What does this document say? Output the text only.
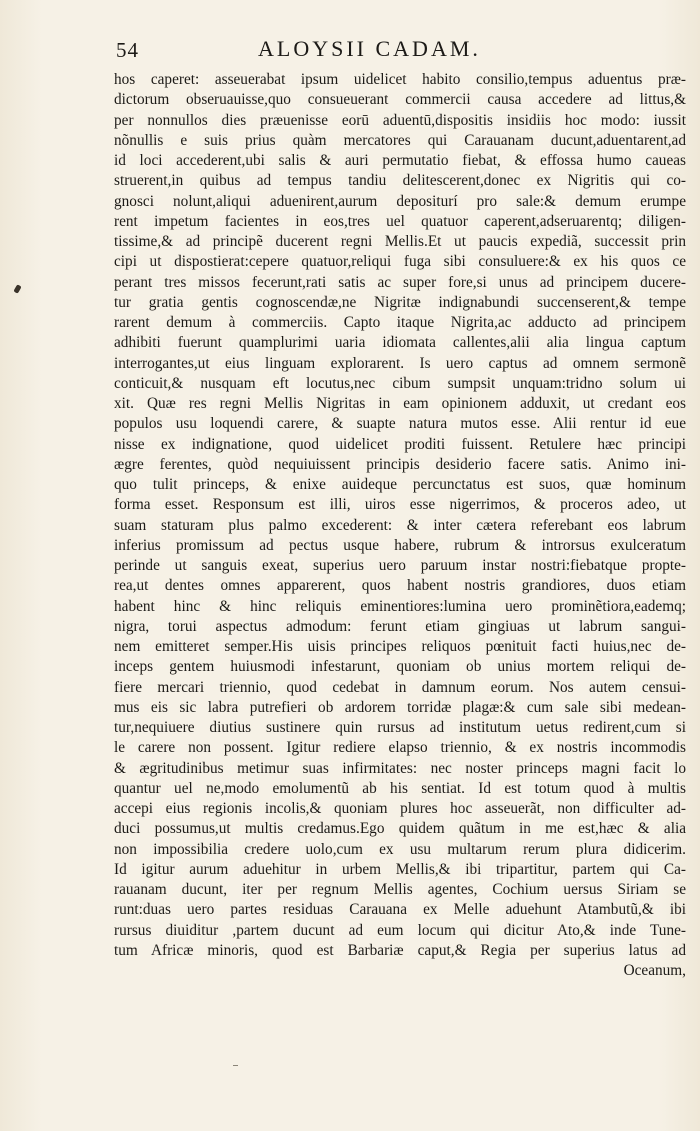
54	ALOYSII CADAM.
hos caperet: asseuerabat ipsum uidelicet habito consilio,tempus aduentus præ-
dictorum obseruauisse,quo consueuerant commercii causa accedere ad littus,&
per nonnullos dies præuenisse eorū aduentū,dispositis insidiis hoc modo: iussit
nõnullis e suis prius quàm mercatores qui Carauanam ducunt,aduentarent,ad
id loci accederent,ubi salis & auri permutatio fiebat, & effossa humo caueas
struerent,in quibus ad tempus tandiu delitescerent,donec ex Nigritis qui co-
gnosci nolunt,aliqui aduenirent,aurum depositurí pro sale:& demum erumpe
rent impetum facientes in eos,tres uel quatuor caperent,adseruarentq; diligen-
tissime,& ad principẽ ducerent regni Mellis.Et ut paucis expediã, successit prin
cipi ut dispostierat:cepere quatuor,reliqui fuga sibi consuluere:& ex his quos ce
perant tres missos fecerunt,rati satis ac super fore,si unus ad principem ducere-
tur gratia gentis cognoscendæ,ne Nigritæ indignabundi succenserent,& tempe
rarent demum à commerciis. Capto itaque Nigrita,ac adducto ad principem
adhibiti fuerunt quamplurimi uaria idiomata callentes,alii alia lingua captum
interrogantes,ut eius linguam explorarent. Is uero captus ad omnem sermonẽ
conticuit,& nusquam eft locutus,nec cibum sumpsit unquam:tridno solum ui
xit. Quæ res regni Mellis Nigritas in eam opinionem adduxit, ut credant eos
populos usu loquendi carere, & suapte natura mutos esse. Alii rentur id eue
nisse ex indignatione, quod uidelicet proditi fuissent. Retulere hæc principi
ægre ferentes, quòd nequiuissent principis desiderio facere satis. Animo ini-
quo tulit princeps, & enixe auideque percunctatus est suos, quæ hominum
forma esset. Responsum est illi, uiros esse nigerrimos, & proceros adeo, ut
suam staturam plus palmo excederent: & inter cætera referebant eos labrum
inferius promissum ad pectus usque habere, rubrum & introrsus exulceratum
perinde ut sanguis exeat, superius uero paruum instar nostri:fiebatque propte-
rea,ut dentes omnes apparerent, quos habent nostris grandiores, duos etiam
habent hinc & hinc reliquis eminentiores:lumina uero prominẽtiora,eademq;
nigra, torui aspectus admodum: ferunt etiam gingiuas ut labrum sangui-
nem emitteret semper.His uisis principes reliquos pœnituit facti huius,nec de-
inceps gentem huiusmodi infestarunt, quoniam ob unius mortem reliqui de-
fiere mercari triennio, quod cedebat in damnum eorum. Nos autem censui-
mus eis sic labra putrefieri ob ardorem torridæ plagæ:& cum sale sibi medean-
tur,nequiuere diutius sustinere quin rursus ad institutum uetus redirent,cum si
le carere non possent. Igitur rediere elapso triennio, & ex nostris incommodis
& ægritudinibus metimur suas infirmitates: nec noster princeps magni facit lo
quantur uel ne,modo emolumentũ ab his sentiat. Id est totum quod à multis
accepi eius regionis incolis,& quoniam plures hoc asseuerãt, non difficulter ad-
duci possumus,ut multis credamus.Ego quidem quãtum in me est,hæc & alia
non impossibilia credere uolo,cum ex usu multarum rerum plura didicerim.
Id igitur aurum aduehitur in urbem Mellis,& ibi tripartitur, partem qui Ca-
rauanam ducunt, iter per regnum Mellis agentes, Cochium uersus Siriam se
runt:duas uero partes residuas Carauana ex Melle aduehunt Atambutũ,& ibi
rursus diuiditur ,partem ducunt ad eum locum qui dicitur Ato,& inde Tune-
tum Africæ minoris, quod est Barbariæ caput,& Regia per superius latus ad
Oceanum,
